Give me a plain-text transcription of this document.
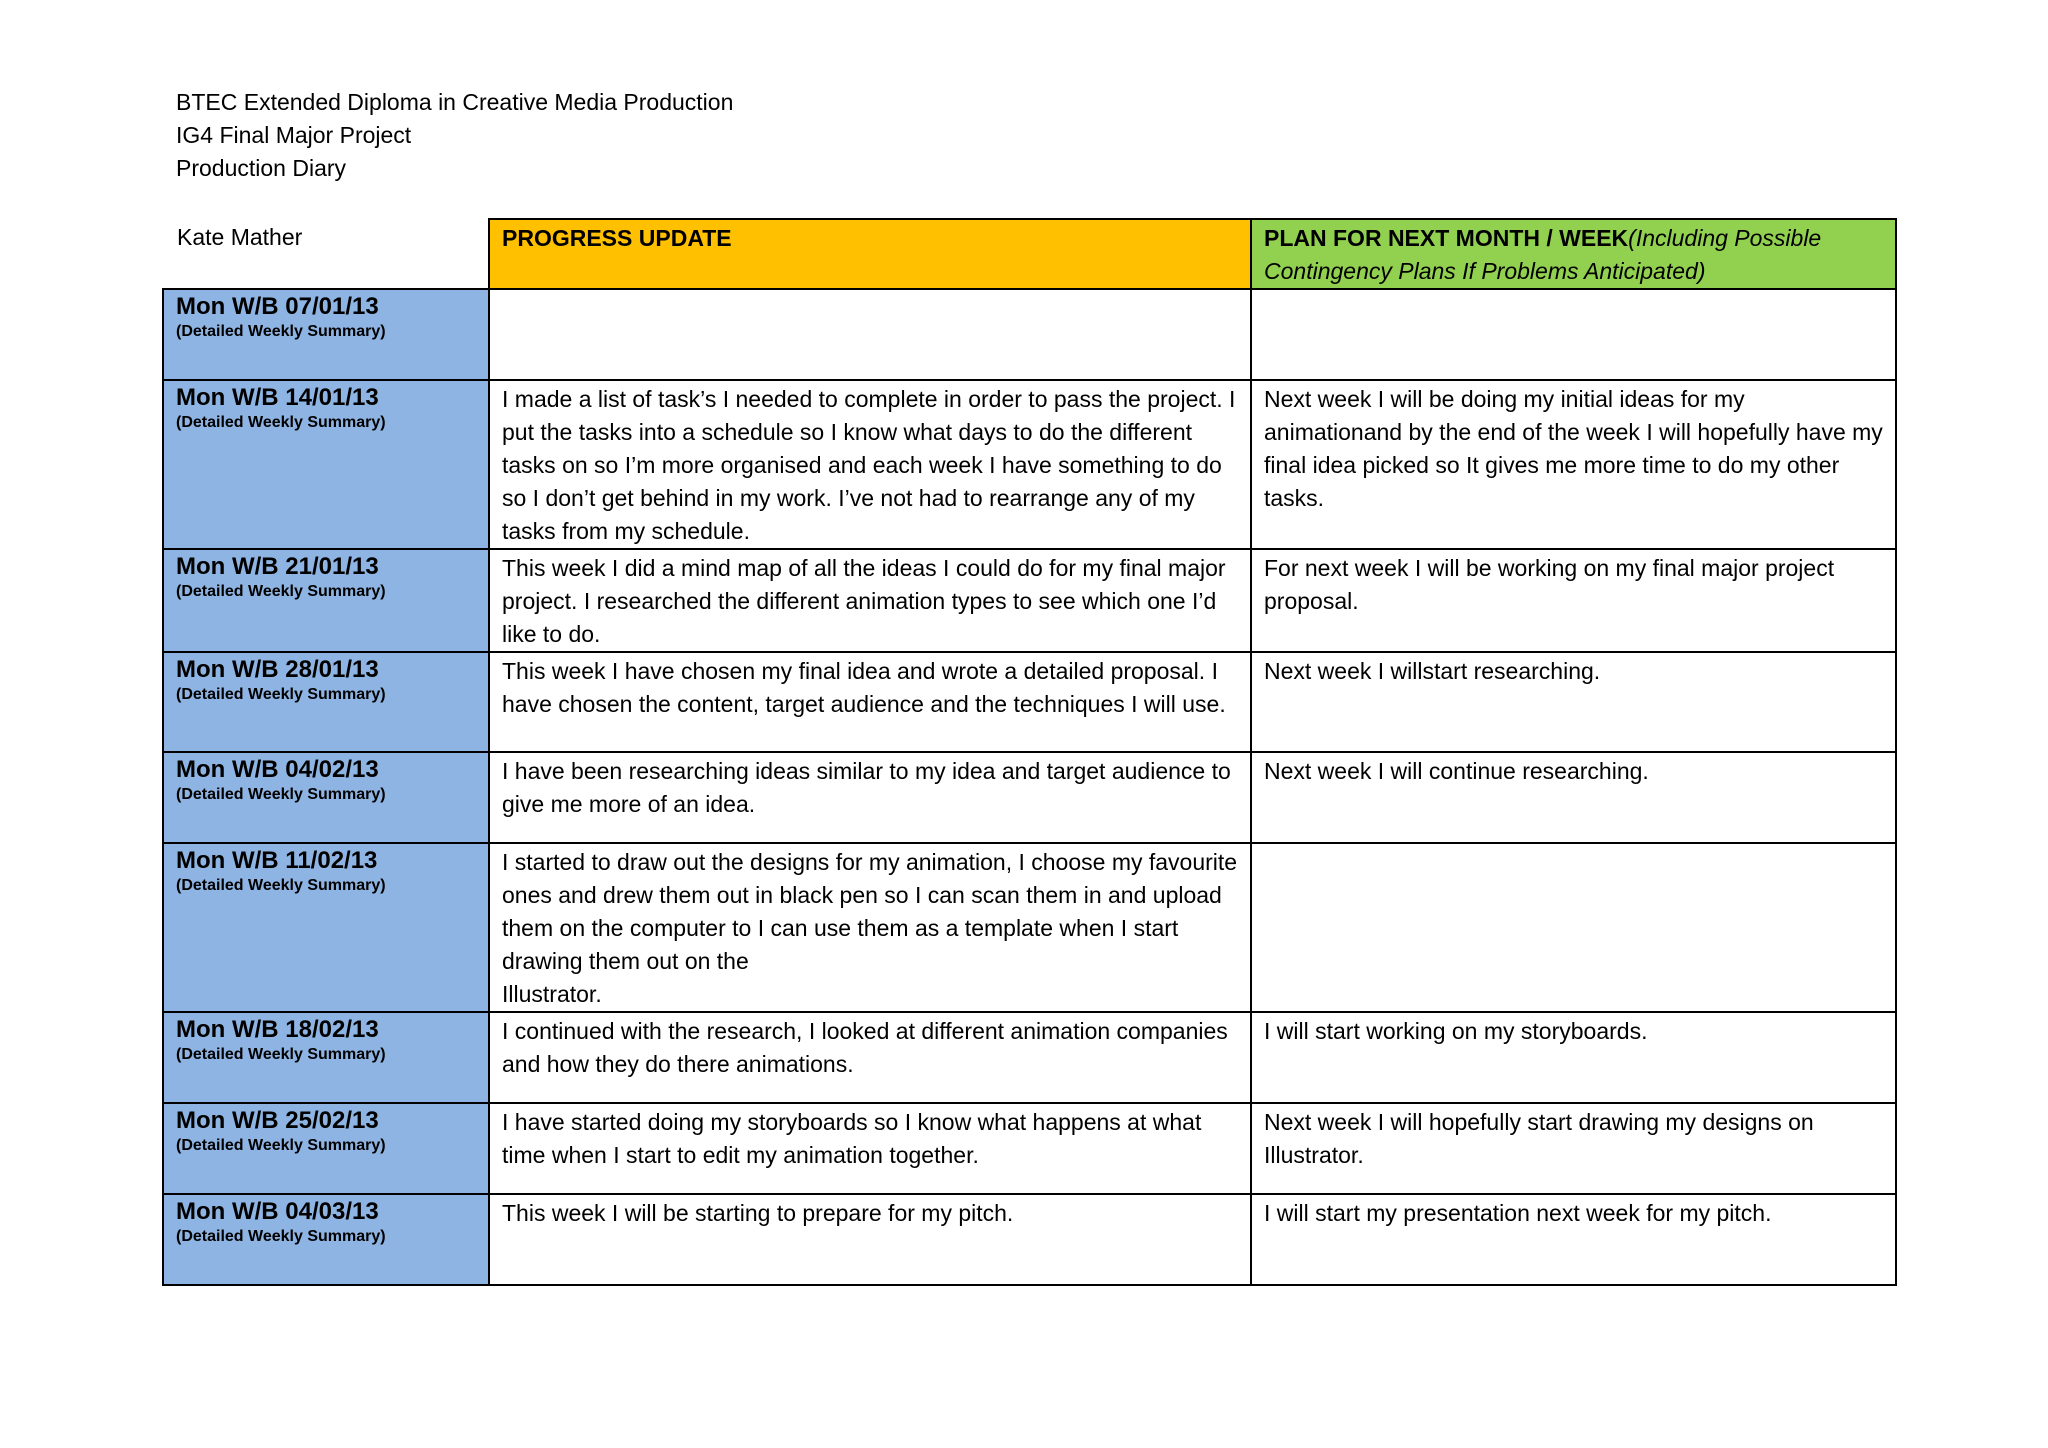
BTEC Extended Diploma in Creative Media Production
IG4 Final Major Project
Production Diary
Kate Mather	PROGRESS UPDATE	PLAN FOR NEXT MONTH / WEEK(Including Possible Contingency Plans If Problems Anticipated)

Mon W/B 07/01/13
(Detailed Weekly Summary)		

Mon W/B 14/01/13
(Detailed Weekly Summary)	I made a list of task’s I needed to complete in order to pass the project. I put the tasks into a schedule so I know what days to do the different tasks on so I’m more organised and each week I have something to do so I don’t get behind in my work. I’ve not had to rearrange any of my tasks from my schedule.	Next week I will be doing my initial ideas for my animationand by the end of the week I will hopefully have my final idea picked so It gives me more time to do my other tasks.

Mon W/B 21/01/13
(Detailed Weekly Summary)	This week I did a mind map of all the ideas I could do for my final major project. I researched the different animation types to see which one I’d like to do.	For next week I will be working on my final major project proposal.

Mon W/B 28/01/13
(Detailed Weekly Summary)	This week I have chosen my final idea and wrote a detailed proposal. I have chosen the content, target audience and the techniques I will use.	Next week I willstart researching.

Mon W/B 04/02/13
(Detailed Weekly Summary)	I have been researching ideas similar to my idea and target audience to give me more of an idea.	Next week I will continue researching.

Mon W/B 11/02/13
(Detailed Weekly Summary)	I started to draw out the designs for my animation, I choose my favourite ones and drew them out in black pen so I can scan them in and upload them on the computer to I can use them as a template when I start drawing them out on the
Illustrator.	

Mon W/B 18/02/13
(Detailed Weekly Summary)	I continued with the research, I looked at different animation companies and how they do there animations.	I will start working on my storyboards.

Mon W/B 25/02/13
(Detailed Weekly Summary)	I have started doing my storyboards so I know what happens at what time when I start to edit my animation together.	Next week I will hopefully start drawing my designs on Illustrator.

Mon W/B 04/03/13
(Detailed Weekly Summary)	This week I will be starting to prepare for my pitch.	I will start my presentation next week for my pitch.
